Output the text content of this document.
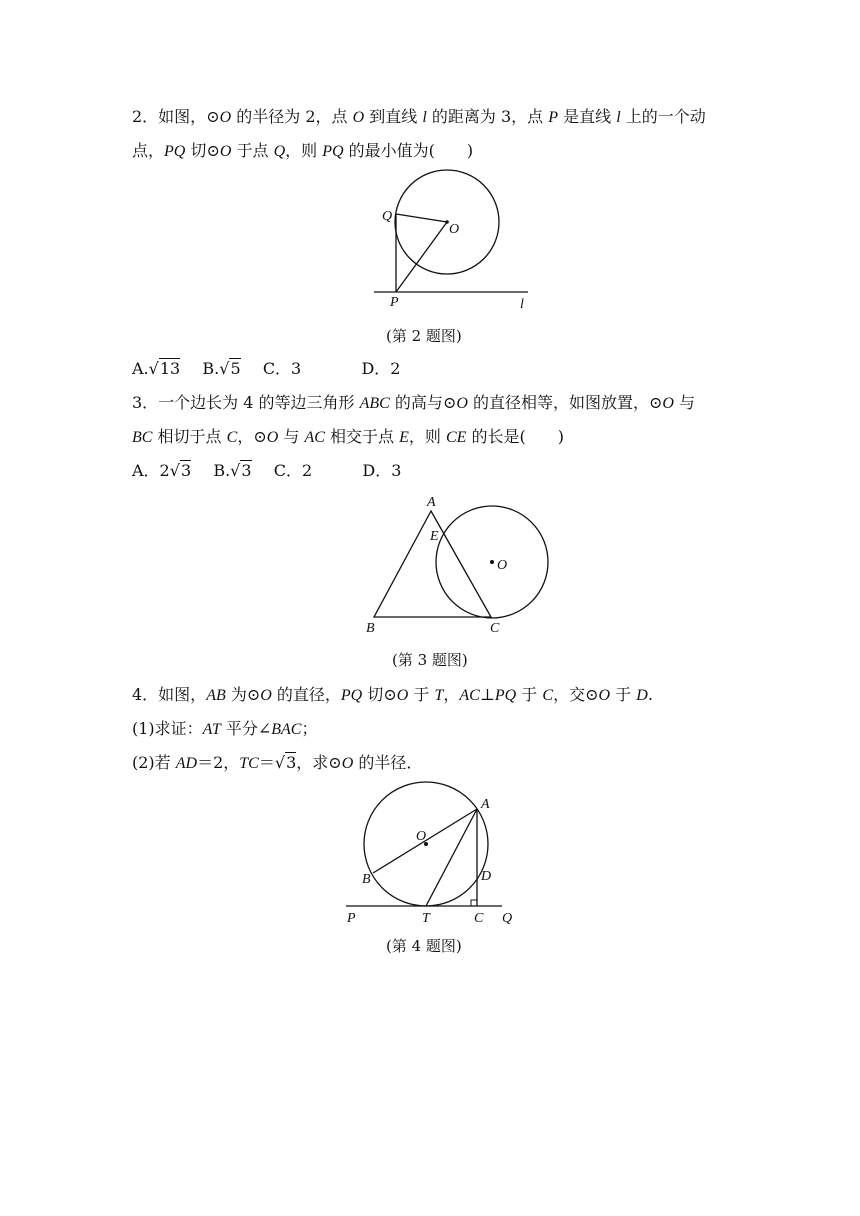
2．如图，⊙O 的半径为 2，点 O 到直线 l 的距离为 3，点 P 是直线 l 上的一个动
点，PQ 切⊙O 于点 Q，则 PQ 的最小值为(　　)
Q
O
P	l
(第 2 题图)
A.√13 B.√5 C．3	D．2
3．一个边长为 4 的等边三角形 ABC 的高与⊙O 的直径相等，如图放置，⊙O 与
BC 相切于点 C，⊙O 与 AC 相交于点 E，则 CE 的长是(　　)
A．2√3 B.√3 C．2	D．3
A
E
O
B	C
(第 3 题图)
4．如图，AB 为⊙O 的直径，PQ 切⊙O 于 T，AC⊥PQ 于 C，交⊙O 于 D.
(1)求证：AT 平分∠BAC；
(2)若 AD＝2，TC＝√3，求⊙O 的半径．
A
O
B	D
P	T	C Q
(第 4 题图)
